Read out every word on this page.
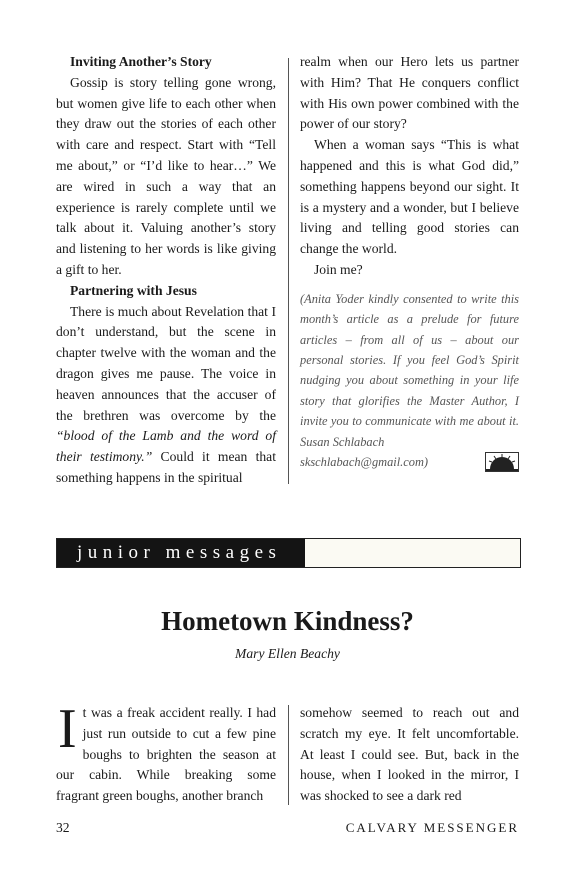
Inviting Another’s Story

Gossip is story telling gone wrong, but women give life to each other when they draw out the stories of each other with care and respect. Start with “Tell me about,” or “I’d like to hear…” We are wired in such a way that an experience is rarely complete until we talk about it. Valuing another’s story and listening to her words is like giving a gift to her.

Partnering with Jesus

There is much about Revelation that I don’t understand, but the scene in chapter twelve with the woman and the dragon gives me pause. The voice in heaven announces that the accuser of the brethren was overcome by the “blood of the Lamb and the word of their testimony.” Could it mean that something happens in the spiritual

realm when our Hero lets us partner with Him? That He conquers conflict with His own power combined with the power of our story?

When a woman says “This is what happened and this is what God did,” something happens beyond our sight. It is a mystery and a wonder, but I believe living and telling good stories can change the world.

Join me?

(Anita Yoder kindly consented to write this month’s article as a prelude for future articles – from all of us – about our personal stories. If you feel God’s Spirit nudging you about something in your life story that glorifies the Master Author, I invite you to communicate with me about it. Susan Schlabach
skschlabach@gmail.com)
junior messages
Hometown Kindness?
Mary Ellen Beachy

It was a freak accident really. I had just run outside to cut a few pine boughs to brighten the season at our cabin. While breaking some fragrant green boughs, another branch

somehow seemed to reach out and scratch my eye. It felt uncomfortable. At least I could see. But, back in the house, when I looked in the mirror, I was shocked to see a dark red

32	CALVARY MESSENGER
